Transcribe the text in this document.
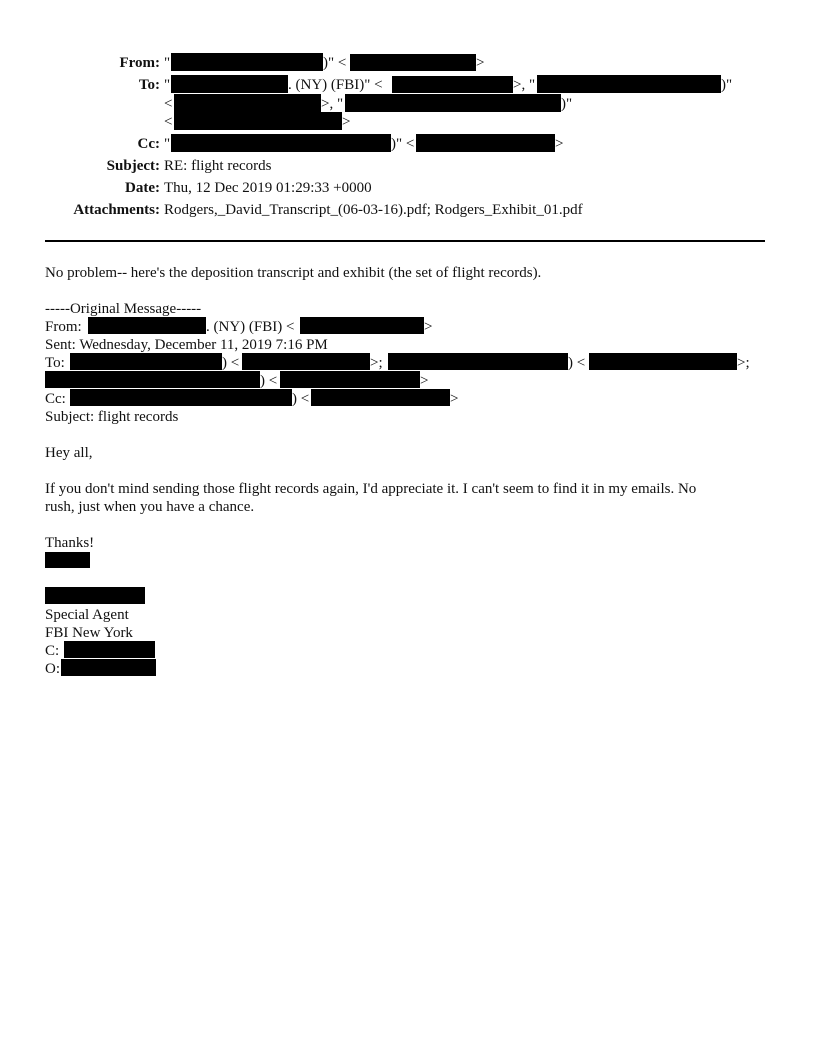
From: "	)" <	>
To: "	. (NY) (FBI)" <	>, "	)"
<	>, "	)"
<	>
Cc: "	)" <	>
Subject: RE: flight records
Date: Thu, 12 Dec 2019 01:29:33 +0000
Attachments: Rodgers,_David_Transcript_(06-03-16).pdf; Rodgers_Exhibit_01.pdf
No problem-- here's the deposition transcript and exhibit (the set of flight records).
-----Original Message-----
From:	. (NY) (FBI) <	>
Sent: Wednesday, December 11, 2019 7:16 PM
To:	) <	>;	) <	>;
) <	>
Cc:	) <	>
Subject: flight records
Hey all,
If you don't mind sending those flight records again, I'd appreciate it. I can't seem to find it in my emails. No
rush, just when you have a chance.
Thanks!
Special Agent
FBI New York
C:
O:
